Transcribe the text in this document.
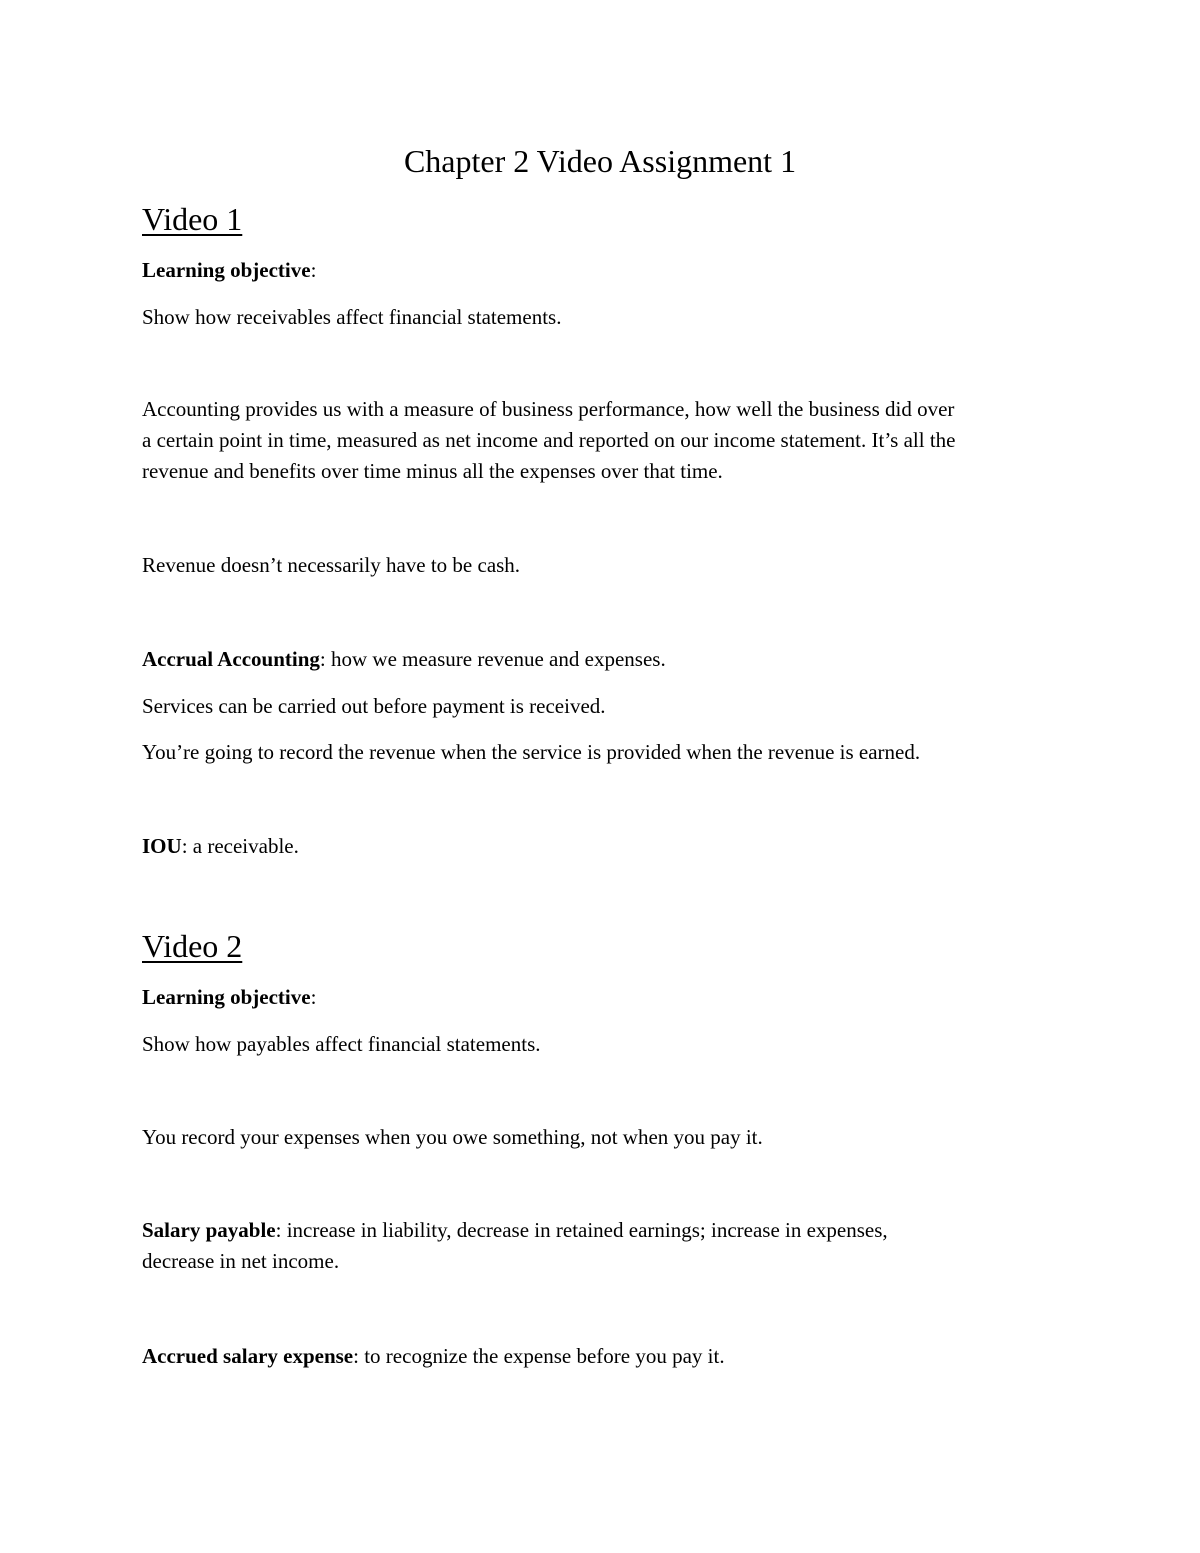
Chapter 2 Video Assignment 1
Video 1

Learning objective:

Show how receivables affect financial statements.

Accounting provides us with a measure of business performance, how well the business did over

a certain point in time, measured as net income and reported on our income statement. It’s all the

revenue and benefits over time minus all the expenses over that time.

Revenue doesn’t necessarily have to be cash.

Accrual Accounting: how we measure revenue and expenses.

Services can be carried out before payment is received.

You’re going to record the revenue when the service is provided when the revenue is earned.

IOU: a receivable.

Video 2

Learning objective:

Show how payables affect financial statements.

You record your expenses when you owe something, not when you pay it.

Salary payable: increase in liability, decrease in retained earnings; increase in expenses,

decrease in net income.

Accrued salary expense: to recognize the expense before you pay it.
